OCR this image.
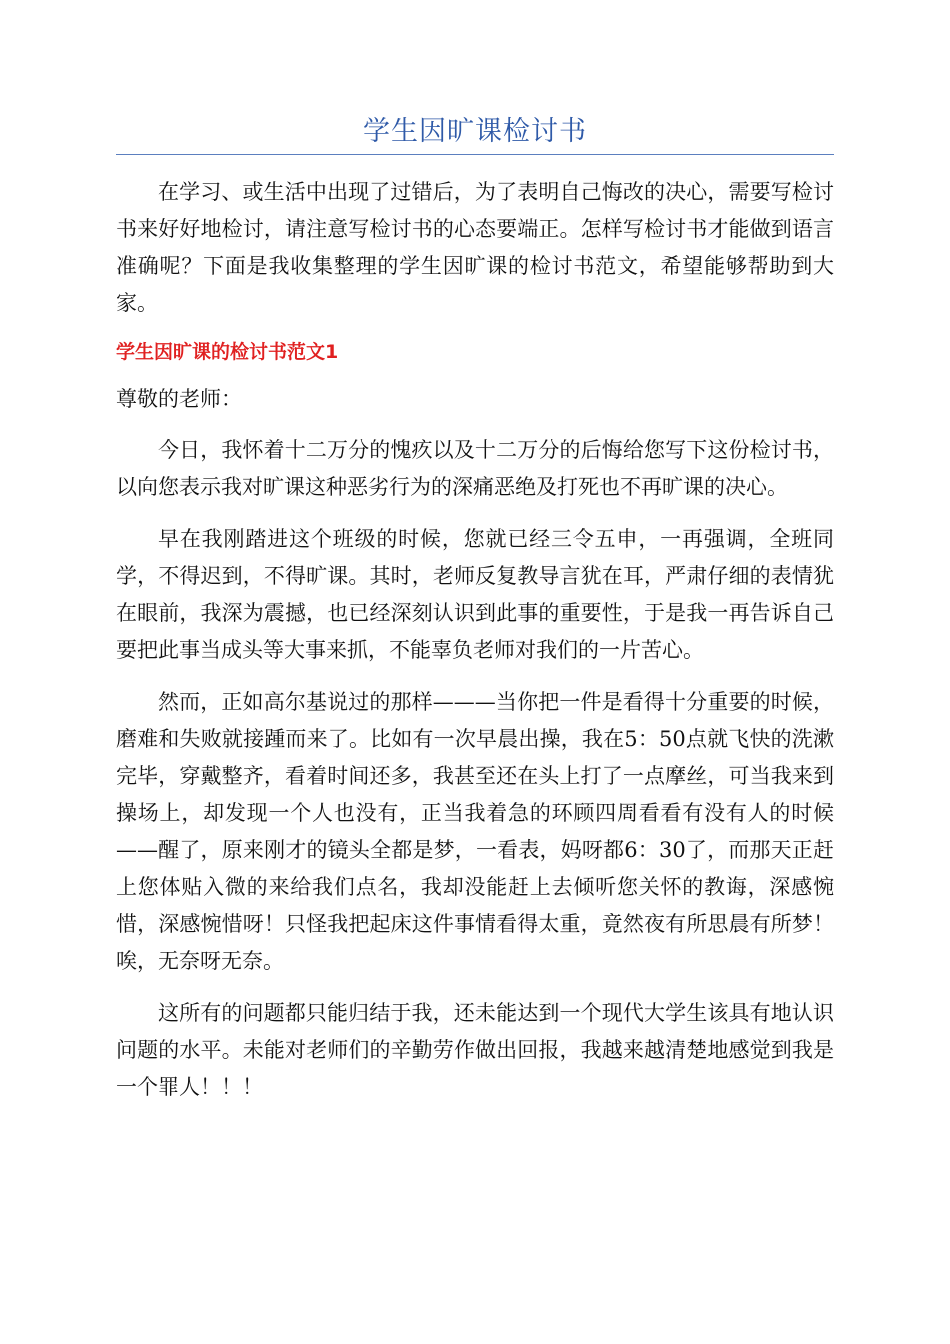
学生因旷课检讨书

在学习、或生活中出现了过错后，为了表明自己悔改的决心，需要写检讨书来好好地检讨，请注意写检讨书的心态要端正。怎样写检讨书才能做到语言准确呢？下面是我收集整理的学生因旷课的检讨书范文，希望能够帮助到大家。

学生因旷课的检讨书范文1

尊敬的老师：

今日，我怀着十二万分的愧疚以及十二万分的后悔给您写下这份检讨书，以向您表示我对旷课这种恶劣行为的深痛恶绝及打死也不再旷课的决心。

早在我刚踏进这个班级的时候，您就已经三令五申，一再强调，全班同学，不得迟到，不得旷课。其时，老师反复教导言犹在耳，严肃仔细的表情犹在眼前，我深为震撼，也已经深刻认识到此事的重要性，于是我一再告诉自己要把此事当成头等大事来抓，不能辜负老师对我们的一片苦心。

然而，正如高尔基说过的那样———当你把一件是看得十分重要的时候，磨难和失败就接踵而来了。比如有一次早晨出操，我在5：50点就飞快的洗漱完毕，穿戴整齐，看着时间还多，我甚至还在头上打了一点摩丝，可当我来到操场上，却发现一个人也没有，正当我着急的环顾四周看看有没有人的时候——醒了，原来刚才的镜头全都是梦，一看表，妈呀都6：30了，而那天正赶上您体贴入微的来给我们点名，我却没能赶上去倾听您关怀的教诲，深感惋惜，深感惋惜呀！只怪我把起床这件事情看得太重，竟然夜有所思晨有所梦！唉，无奈呀无奈。

这所有的问题都只能归结于我，还未能达到一个现代大学生该具有地认识问题的水平。未能对老师们的辛勤劳作做出回报，我越来越清楚地感觉到我是一个罪人！！！
